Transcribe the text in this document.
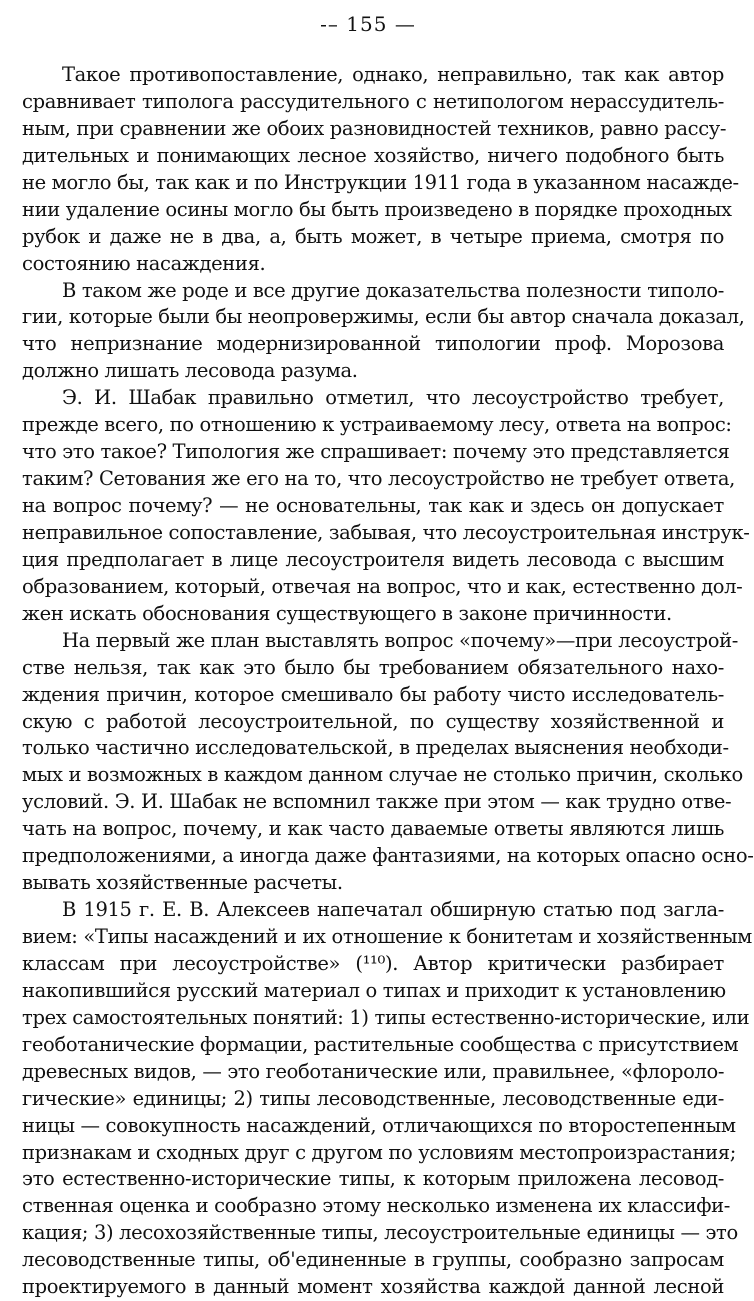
-– 155 —
Такое противопоставление, однако, неправильно, так как автор
сравнивает типолога рассудительного с нетипологом нерассудитель-
ным, при сравнении же обоих разновидностей техников, равно рассу-
дительных и понимающих лесное хозяйство, ничего подобного быть
не могло бы, так как и по Инструкции 1911 года в указанном насажде-
нии удаление осины могло бы быть произведено в порядке проходных
рубок и даже не в два, а, быть может, в четыре приема, смотря по
состоянию насаждения.
В таком же роде и все другие доказательства полезности типоло-
гии, которые были бы неопровержимы, если бы автор сначала доказал,
что непризнание модернизированной типологии проф. Морозова
должно лишать лесовода разума.
Э. И. Шабак правильно отметил, что лесоустройство требует,
прежде всего, по отношению к устраиваемому лесу, ответа на вопрос:
что это такое? Типология же спрашивает: почему это представляется
таким? Сетования же его на то, что лесоустройство не требует ответа,
на вопрос почему? — не основательны, так как и здесь он допускает
неправильное сопоставление, забывая, что лесоустроительная инструк-
ция предполагает в лице лесоустроителя видеть лесовода с высшим
образованием, который, отвечая на вопрос, что и как, естественно дол-
жен искать обоснования существующего в законе причинности.
На первый же план выставлять вопрос «почему»—при лесоустрой-
стве нельзя, так как это было бы требованием обязательного нахо-
ждения причин, которое смешивало бы работу чисто исследователь-
скую с работой лесоустроительной, по существу хозяйственной и
только частично исследовательской, в пределах выяснения необходи-
мых и возможных в каждом данном случае не столько причин, сколько
условий. Э. И. Шабак не вспомнил также при этом — как трудно отве-
чать на вопрос, почему, и как часто даваемые ответы являются лишь
предположениями, а иногда даже фантазиями, на которых опасно осно-
вывать хозяйственные расчеты.
В 1915 г. Е. В. Алексеев напечатал обширную статью под загла-
вием: «Типы насаждений и их отношение к бонитетам и хозяйственным
классам при лесоустройстве» (¹¹⁰). Автор критически разбирает
накопившийся русский материал о типах и приходит к установлению
трех самостоятельных понятий: 1) типы естественно-исторические, или
геоботанические формации, растительные сообщества с присутствием
древесных видов, — это геоботанические или, правильнее, «флороло-
гические» единицы; 2) типы лесоводственные, лесоводственные еди-
ницы — совокупность насаждений, отличающихся по второстепенным
признакам и сходных друг с другом по условиям местопроизрастания;
это естественно-исторические типы, к которым приложена лесовод-
ственная оценка и сообразно этому несколько изменена их классифи-
кация; 3) лесохозяйственные типы, лесоустроительные единицы — это
лесоводственные типы, об'единенные в группы, сообразно запросам
проектируемого в данный момент хозяйства каждой данной лесной
